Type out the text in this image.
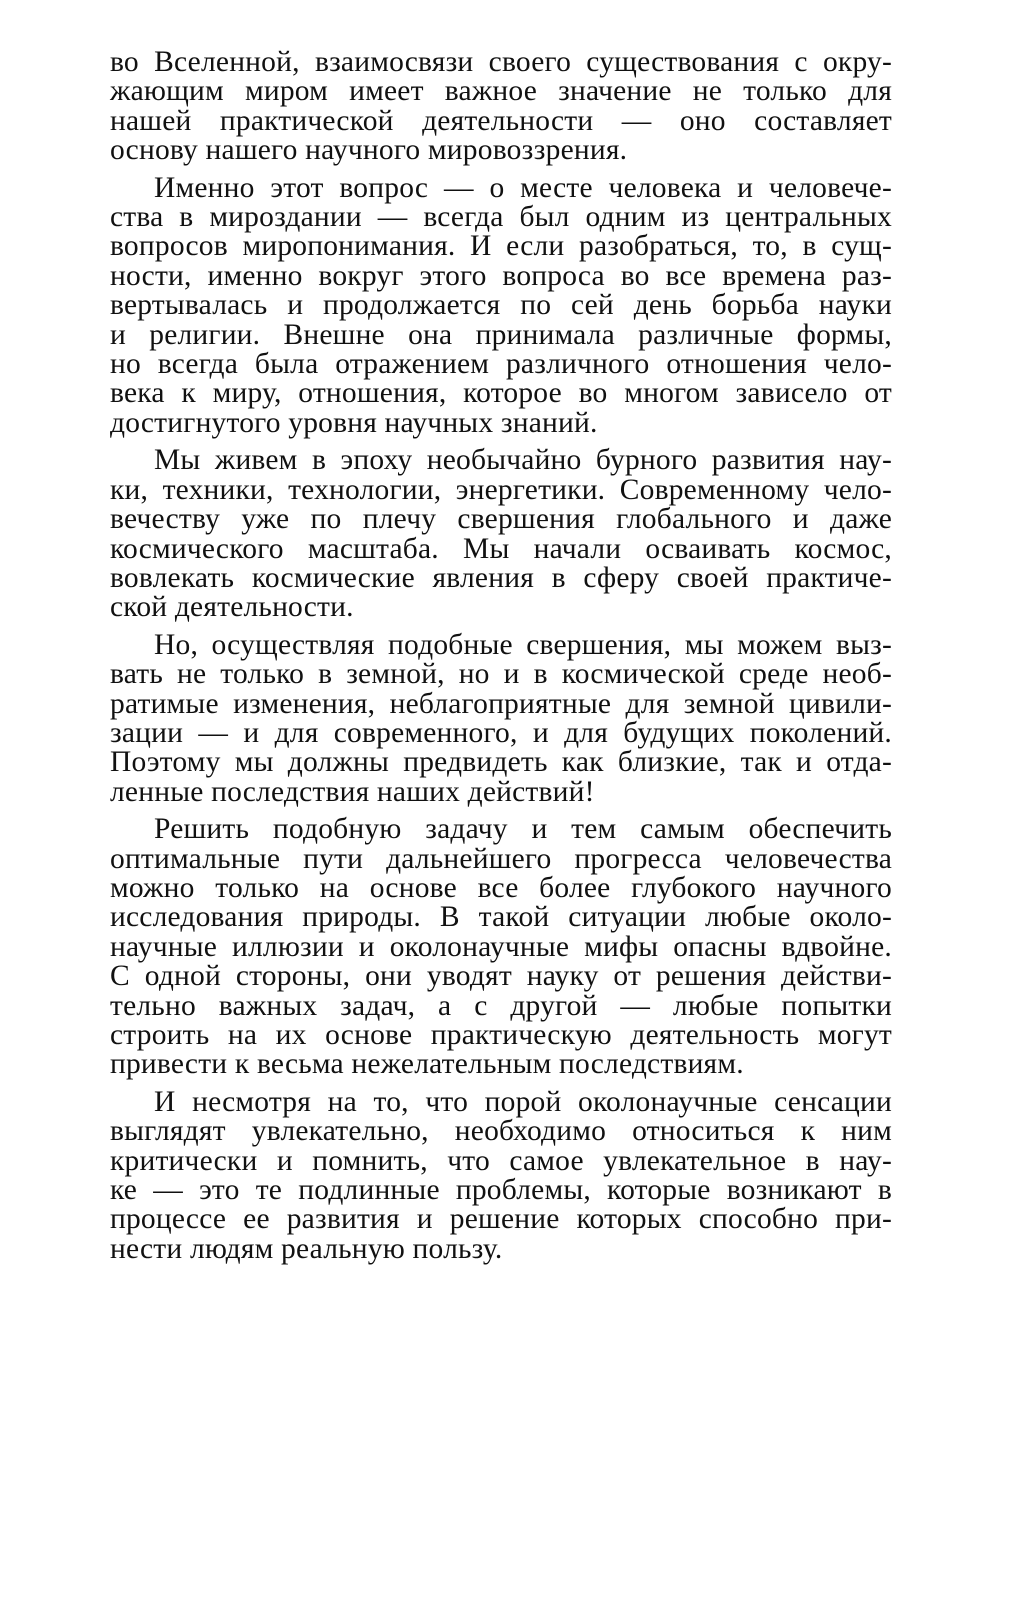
во Вселенной, взаимосвязи своего существования с окру-
жающим миром имеет важное значение не только для
нашей практической деятельности — оно составляет
основу нашего научного мировоззрения.
Именно этот вопрос — о месте человека и человече-
ства в мироздании — всегда был одним из центральных
вопросов миропонимания. И если разобраться, то, в сущ-
ности, именно вокруг этого вопроса во все времена раз-
вертывалась и продолжается по сей день борьба науки
и религии. Внешне она принимала различные формы,
но всегда была отражением различного отношения чело-
века к миру, отношения, которое во многом зависело от
достигнутого уровня научных знаний.
Мы живем в эпоху необычайно бурного развития нау-
ки, техники, технологии, энергетики. Современному чело-
вечеству уже по плечу свершения глобального и даже
космического масштаба. Мы начали осваивать космос,
вовлекать космические явления в сферу своей практиче-
ской деятельности.
Но, осуществляя подобные свершения, мы можем выз-
вать не только в земной, но и в космической среде необ-
ратимые изменения, неблагоприятные для земной цивили-
зации — и для современного, и для будущих поколений.
Поэтому мы должны предвидеть как близкие, так и отда-
ленные последствия наших действий!
Решить подобную задачу и тем самым обеспечить
оптимальные пути дальнейшего прогресса человечества
можно только на основе все более глубокого научного
исследования природы. В такой ситуации любые около-
научные иллюзии и околонаучные мифы опасны вдвойне.
С одной стороны, они уводят науку от решения действи-
тельно важных задач, а с другой — любые попытки
строить на их основе практическую деятельность могут
привести к весьма нежелательным последствиям.
И несмотря на то, что порой околонаучные сенсации
выглядят увлекательно, необходимо относиться к ним
критически и помнить, что самое увлекательное в нау-
ке — это те подлинные проблемы, которые возникают в
процессе ее развития и решение которых способно при-
нести людям реальную пользу.
